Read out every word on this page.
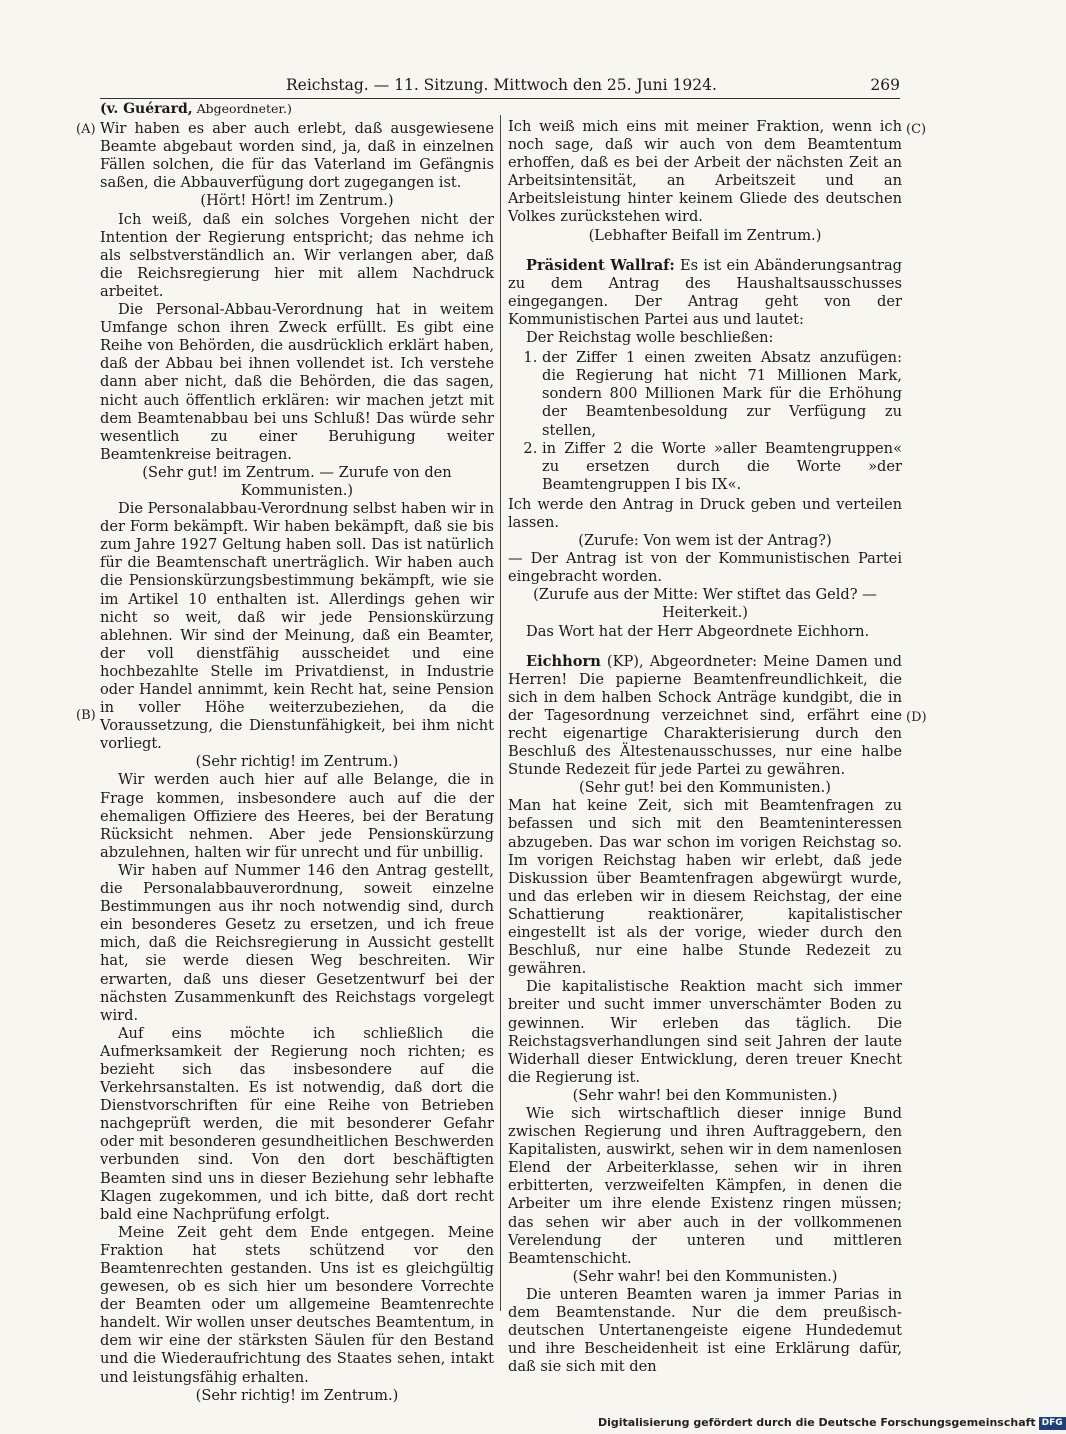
Reichstag. — 11. Sitzung. Mittwoch den 25. Juni 1924.	269
(A)
(B)
(C)
(D)

(v. Guérard, Abgeordneter.)

Wir haben es aber auch erlebt, daß ausgewiesene Beamte abgebaut worden sind, ja, daß in einzelnen Fällen solchen, die für das Vaterland im Gefängnis saßen, die Abbauverfügung dort zugegangen ist.

(Hört! Hört! im Zentrum.)

Ich weiß, daß ein solches Vorgehen nicht der Intention der Regierung entspricht; das nehme ich als selbstverständlich an. Wir verlangen aber, daß die Reichsregierung hier mit allem Nachdruck arbeitet.

Die Personal-Abbau-Verordnung hat in weitem Umfange schon ihren Zweck erfüllt. Es gibt eine Reihe von Behörden, die ausdrücklich erklärt haben, daß der Abbau bei ihnen vollendet ist. Ich verstehe dann aber nicht, daß die Behörden, die das sagen, nicht auch öffentlich erklären: wir machen jetzt mit dem Beamtenabbau bei uns Schluß! Das würde sehr wesentlich zu einer Beruhigung weiter Beamtenkreise beitragen.

(Sehr gut! im Zentrum. — Zurufe von den Kommunisten.)

Die Personalabbau-Verordnung selbst haben wir in der Form bekämpft. Wir haben bekämpft, daß sie bis zum Jahre 1927 Geltung haben soll. Das ist natürlich für die Beamtenschaft unerträglich. Wir haben auch die Pensionskürzungsbestimmung bekämpft, wie sie im Artikel 10 enthalten ist. Allerdings gehen wir nicht so weit, daß wir jede Pensionskürzung ablehnen. Wir sind der Meinung, daß ein Beamter, der voll dienstfähig ausscheidet und eine hochbezahlte Stelle im Privatdienst, in Industrie oder Handel annimmt, kein Recht hat, seine Pension in voller Höhe weiterzubeziehen, da die Voraussetzung, die Dienstunfähigkeit, bei ihm nicht vorliegt.

(Sehr richtig! im Zentrum.)

Wir werden auch hier auf alle Belange, die in Frage kommen, insbesondere auch auf die der ehemaligen Offiziere des Heeres, bei der Beratung Rücksicht nehmen. Aber jede Pensionskürzung abzulehnen, halten wir für unrecht und für unbillig.

Wir haben auf Nummer 146 den Antrag gestellt, die Personalabbauverordnung, soweit einzelne Bestimmungen aus ihr noch notwendig sind, durch ein besonderes Gesetz zu ersetzen, und ich freue mich, daß die Reichsregierung in Aussicht gestellt hat, sie werde diesen Weg beschreiten. Wir erwarten, daß uns dieser Gesetzentwurf bei der nächsten Zusammenkunft des Reichstags vorgelegt wird.

Auf eins möchte ich schließlich die Aufmerksamkeit der Regierung noch richten; es bezieht sich das insbesondere auf die Verkehrsanstalten. Es ist notwendig, daß dort die Dienstvorschriften für eine Reihe von Betrieben nachgeprüft werden, die mit besonderer Gefahr oder mit besonderen gesundheitlichen Beschwerden verbunden sind. Von den dort beschäftigten Beamten sind uns in dieser Beziehung sehr lebhafte Klagen zugekommen, und ich bitte, daß dort recht bald eine Nachprüfung erfolgt.

Meine Zeit geht dem Ende entgegen. Meine Fraktion hat stets schützend vor den Beamtenrechten gestanden. Uns ist es gleichgültig gewesen, ob es sich hier um besondere Vorrechte der Beamten oder um allgemeine Beamtenrechte handelt. Wir wollen unser deutsches Beamtentum, in dem wir eine der stärksten Säulen für den Bestand und die Wiederaufrichtung des Staates sehen, intakt und leistungsfähig erhalten.

(Sehr richtig! im Zentrum.)

Ich weiß mich eins mit meiner Fraktion, wenn ich noch sage, daß wir auch von dem Beamtentum erhoffen, daß es bei der Arbeit der nächsten Zeit an Arbeitsintensität, an Arbeitszeit und an Arbeitsleistung hinter keinem Gliede des deutschen Volkes zurückstehen wird.

(Lebhafter Beifall im Zentrum.)

Präsident Wallraf: Es ist ein Abänderungsantrag zu dem Antrag des Haushaltsausschusses eingegangen. Der Antrag geht von der Kommunistischen Partei aus und lautet:

Der Reichstag wolle beschließen:

1. der Ziffer 1 einen zweiten Absatz anzufügen: die Regierung hat nicht 71 Millionen Mark, sondern 800 Millionen Mark für die Erhöhung der Beamtenbesoldung zur Verfügung zu stellen,
2. in Ziffer 2 die Worte »aller Beamtengruppen« zu ersetzen durch die Worte »der Beamtengruppen I bis IX«.

Ich werde den Antrag in Druck geben und verteilen lassen.

(Zurufe: Von wem ist der Antrag?)

— Der Antrag ist von der Kommunistischen Partei eingebracht worden.

(Zurufe aus der Mitte: Wer stiftet das Geld? — Heiterkeit.)

Das Wort hat der Herr Abgeordnete Eichhorn.

Eichhorn (KP), Abgeordneter: Meine Damen und Herren! Die papierne Beamtenfreundlichkeit, die sich in dem halben Schock Anträge kundgibt, die in der Tagesordnung verzeichnet sind, erfährt eine recht eigenartige Charakterisierung durch den Beschluß des Ältestenausschusses, nur eine halbe Stunde Redezeit für jede Partei zu gewähren.

(Sehr gut! bei den Kommunisten.)

Man hat keine Zeit, sich mit Beamtenfragen zu befassen und sich mit den Beamteninteressen abzugeben. Das war schon im vorigen Reichstag so. Im vorigen Reichstag haben wir erlebt, daß jede Diskussion über Beamtenfragen abgewürgt wurde, und das erleben wir in diesem Reichstag, der eine Schattierung reaktionärer, kapitalistischer eingestellt ist als der vorige, wieder durch den Beschluß, nur eine halbe Stunde Redezeit zu gewähren.

Die kapitalistische Reaktion macht sich immer breiter und sucht immer unverschämter Boden zu gewinnen. Wir erleben das täglich. Die Reichstagsverhandlungen sind seit Jahren der laute Widerhall dieser Entwicklung, deren treuer Knecht die Regierung ist.

(Sehr wahr! bei den Kommunisten.)

Wie sich wirtschaftlich dieser innige Bund zwischen Regierung und ihren Auftraggebern, den Kapitalisten, auswirkt, sehen wir in dem namenlosen Elend der Arbeiterklasse, sehen wir in ihren erbitterten, verzweifelten Kämpfen, in denen die Arbeiter um ihre elende Existenz ringen müssen; das sehen wir aber auch in der vollkommenen Verelendung der unteren und mittleren Beamtenschicht.

(Sehr wahr! bei den Kommunisten.)

Die unteren Beamten waren ja immer Parias in dem Beamtenstande. Nur die dem preußisch-deutschen Untertanengeiste eigene Hundedemut und ihre Bescheidenheit ist eine Erklärung dafür, daß sie sich mit den

Digitalisierung gefördert durch die Deutsche Forschungsgemeinschaft DFG
